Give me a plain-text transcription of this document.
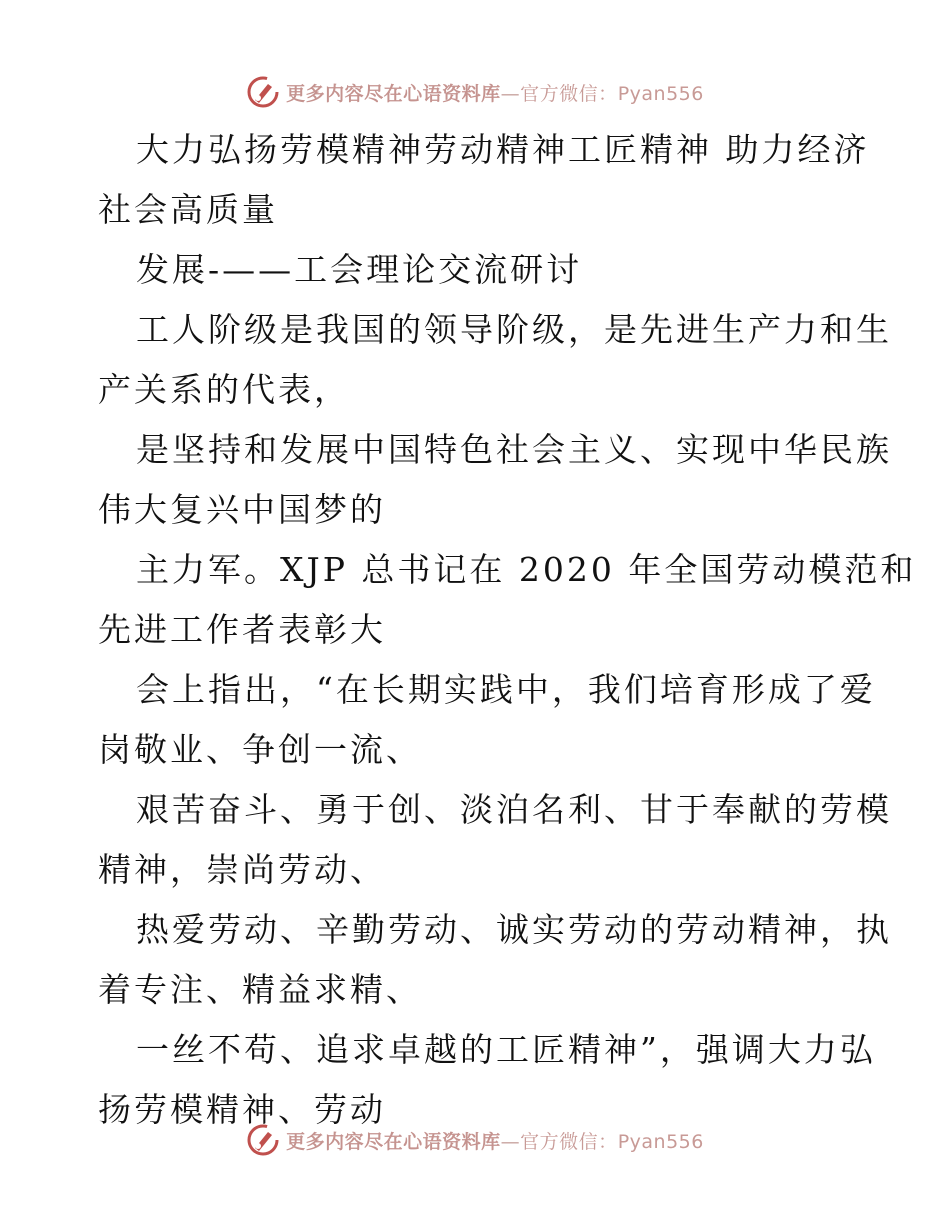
更多内容尽在心语资料库—官方微信：Pyan556

大力弘扬劳模精神劳动精神工匠精神 助力经济

社会高质量

发展-——工会理论交流研讨

工人阶级是我国的领导阶级，是先进生产力和生

产关系的代表，

是坚持和发展中国特色社会主义、实现中华民族

伟大复兴中国梦的

主力军。XJP 总书记在 2020 年全国劳动模范和

先进工作者表彰大

会上指出，“在长期实践中，我们培育形成了爱

岗敬业、争创一流、

艰苦奋斗、勇于创、淡泊名利、甘于奉献的劳模

精神，崇尚劳动、

热爱劳动、辛勤劳动、诚实劳动的劳动精神，执

着专注、精益求精、

一丝不苟、追求卓越的工匠精神”，强调大力弘

扬劳模精神、劳动

更多内容尽在心语资料库—官方微信：Pyan556
